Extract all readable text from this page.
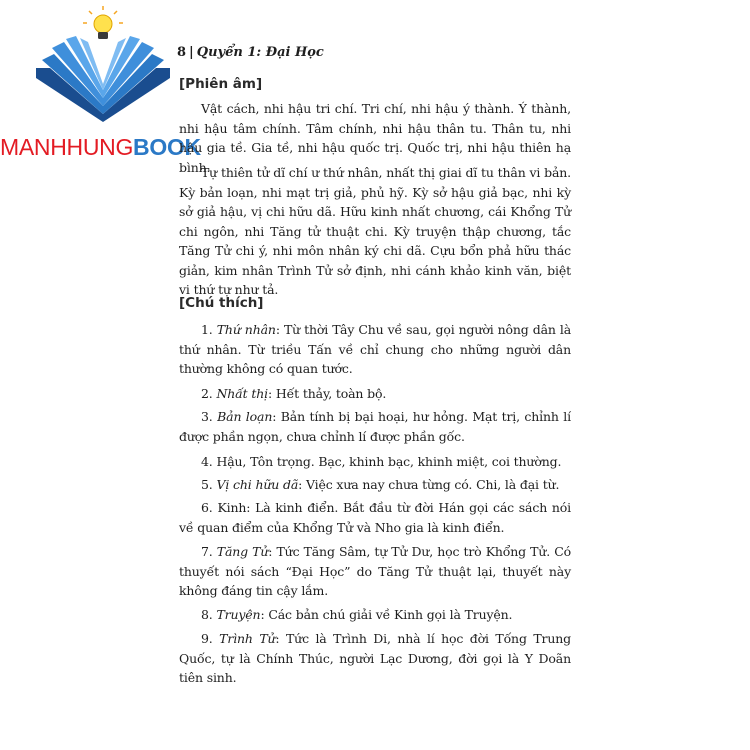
MANHHUNGBOOK
8 | Quyển 1: Đại Học
[Phiên âm]
Vật cách, nhi hậu tri chí. Tri chí, nhi hậu ý thành. Ý thành, nhi hậu tâm chính. Tâm chính, nhi hậu thân tu. Thân tu, nhi hậu gia tề. Gia tề, nhi hậu quốc trị. Quốc trị, nhi hậu thiên hạ bình.
Tự thiên tử dĩ chí ư thứ nhân, nhất thị giai dĩ tu thân vi bản. Kỳ bản loạn, nhi mạt trị giả, phủ hỹ. Kỳ sở hậu giả bạc, nhi kỳ sở giả hậu, vị chi hữu dã. Hữu kinh nhất chương, cái Khổng Tử chi ngôn, nhi Tăng tử thuật chi. Kỳ truyện thập chương, tắc Tăng Tử chi ý, nhi môn nhân ký chi dã. Cựu bổn phả hữu thác giản, kim nhân Trình Tử sở định, nhi cánh khảo kinh văn, biệt vi thứ tự như tả.
[Chú thích]

1. Thứ nhân: Từ thời Tây Chu về sau, gọi người nông dân là thứ nhân. Từ triều Tấn về chỉ chung cho những người dân thường không có quan tước.

2. Nhất thị: Hết thảy, toàn bộ.

3. Bản loạn: Bản tính bị bại hoại, hư hỏng. Mạt trị, chỉnh lí được phần ngọn, chưa chỉnh lí được phần gốc.

4. Hậu, Tôn trọng. Bạc, khinh bạc, khinh miệt, coi thường.

5. Vị chi hữu dã: Việc xưa nay chưa từng có. Chi, là đại từ.

6. Kinh: Là kinh điển. Bắt đầu từ đời Hán gọi các sách nói về quan điểm của Khổng Tử và Nho gia là kinh điển.

7. Tăng Tử: Tức Tăng Sâm, tự Tử Dư, học trò Khổng Tử. Có thuyết nói sách “Đại Học” do Tăng Tử thuật lại, thuyết này không đáng tin cậy lắm.

8. Truyện: Các bản chú giải về Kinh gọi là Truyện.

9. Trình Tử: Tức là Trình Di, nhà lí học đời Tống Trung Quốc, tự là Chính Thúc, người Lạc Dương, đời gọi là Y Doãn tiên sinh.
